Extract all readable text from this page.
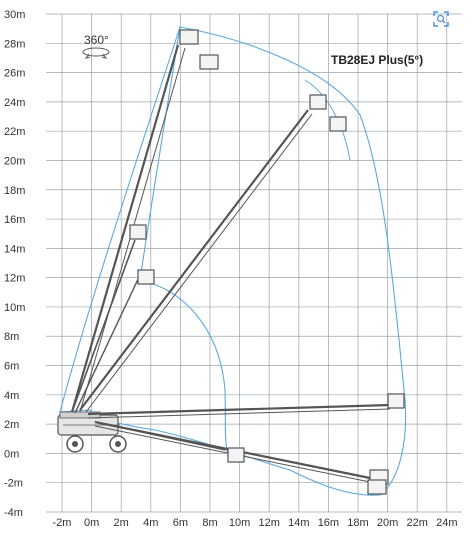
-4m
-2m
0m
2m
4m
6m
8m
10m
12m
14m
16m
18m
20m
22m
24m
26m
28m
30m
-2m 0m 2m 4m 6m 8m 10m 12m 14m 16m 18m 20m 22m 24m
360°
TB28EJ Plus(5°)
